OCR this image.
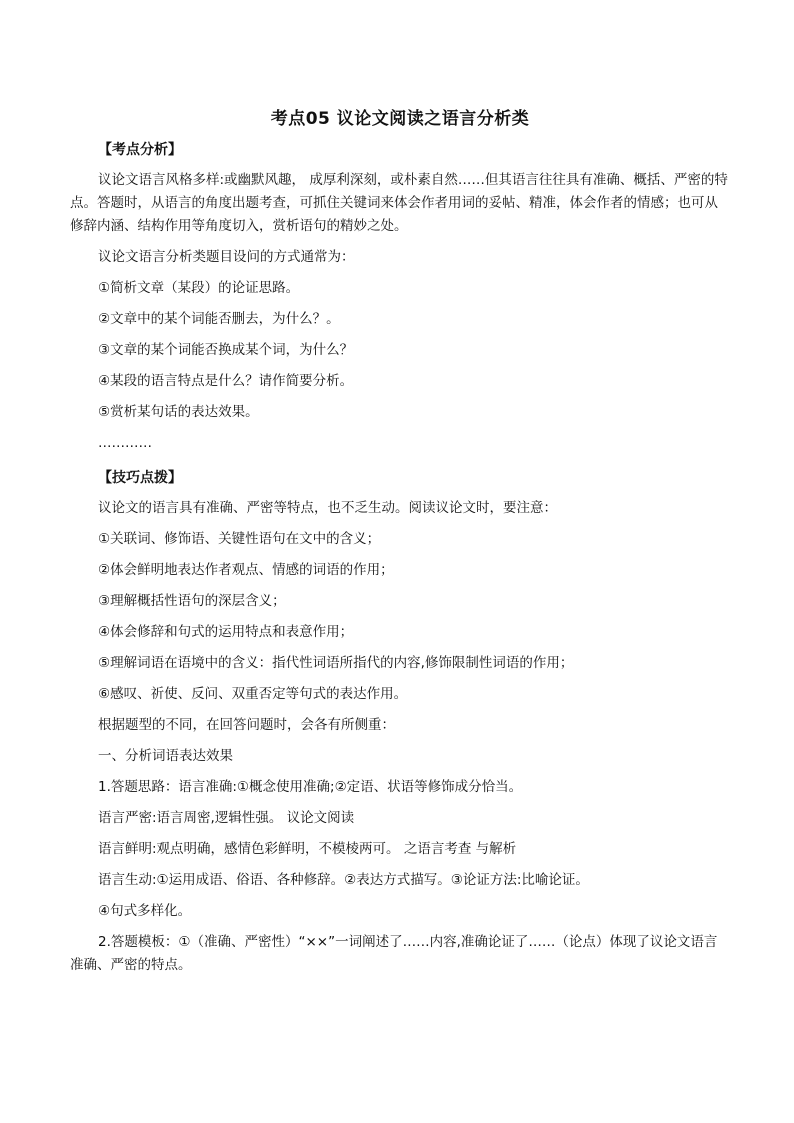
考点05 议论文阅读之语言分析类
【考点分析】

议论文语言风格多样:或幽默风趣， 成厚利深刻，或朴素自然……但其语言往往具有准确、概括、严密的特点。答题时，从语言的角度出题考查，可抓住关键词来体会作者用词的妥帖、精准，体会作者的情感；也可从修辞内涵、结构作用等角度切入，赏析语句的精妙之处。

议论文语言分析类题目设问的方式通常为：

①简析文章（某段）的论证思路。

②文章中的某个词能否删去，为什么？。

③文章的某个词能否换成某个词，为什么？

④某段的语言特点是什么？请作简要分析。

⑤赏析某句话的表达效果。

…………

【技巧点拨】

议论文的语言具有准确、严密等特点，也不乏生动。阅读议论文时，要注意：

①关联词、修饰语、关键性语句在文中的含义；

②体会鲜明地表达作者观点、情感的词语的作用；

③理解概括性语句的深层含义；

④体会修辞和句式的运用特点和表意作用；

⑤理解词语在语境中的含义：指代性词语所指代的内容,修饰限制性词语的作用；

⑥感叹、祈使、反问、双重否定等句式的表达作用。

根据题型的不同，在回答问题时，会各有所侧重：

一、分析词语表达效果

1.答题思路：语言准确:①概念使用准确;②定语、状语等修饰成分恰当。

语言严密:语言周密,逻辑性强。 议论文阅读

语言鲜明:观点明确，感情色彩鲜明，不模棱两可。 之语言考查 与解析

语言生动:①运用成语、俗语、各种修辞。②表达方式描写。③论证方法:比喻论证。

④句式多样化。

2.答题模板：①（准确、严密性）“××”一词阐述了……内容,准确论证了……（论点）体现了议论文语言准确、严密的特点。
